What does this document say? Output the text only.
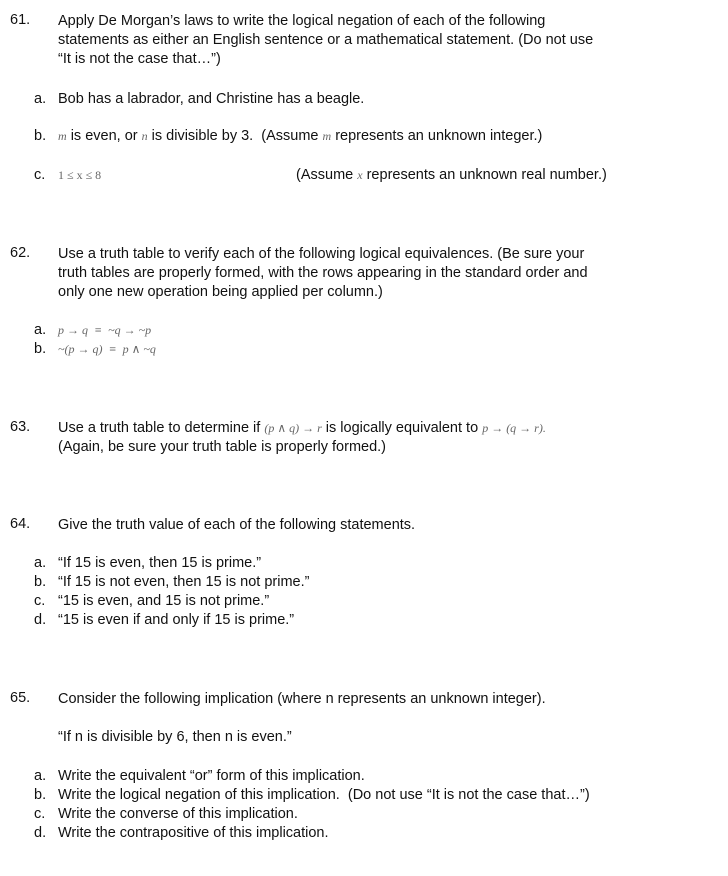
61. Apply De Morgan’s laws to write the logical negation of each of the following
statements as either an English sentence or a mathematical statement. (Do not use
“It is not the case that…”)
a. Bob has a labrador, and Christine has a beagle.
b. m is even, or n is divisible by 3.  (Assume m represents an unknown integer.)
c. 1 ≤ x ≤ 8	(Assume x represents an unknown real number.)
62. Use a truth table to verify each of the following logical equivalences. (Be sure your
truth tables are properly formed, with the rows appearing in the standard order and
only one new operation being applied per column.)
a. p → q  ≡  ~q → ~p
b. ~(p → q)  ≡  p ∧ ~q
63. Use a truth table to determine if (p ∧ q) → r is logically equivalent to p → (q → r).
(Again, be sure your truth table is properly formed.)
64. Give the truth value of each of the following statements.
a. “If 15 is even, then 15 is prime.”
b. “If 15 is not even, then 15 is not prime.”
c. “15 is even, and 15 is not prime.”
d. “15 is even if and only if 15 is prime.”
65. Consider the following implication (where n represents an unknown integer).
“If n is divisible by 6, then n is even.”
a. Write the equivalent “or” form of this implication.
b. Write the logical negation of this implication.  (Do not use “It is not the case that…”)
c. Write the converse of this implication.
d. Write the contrapositive of this implication.
